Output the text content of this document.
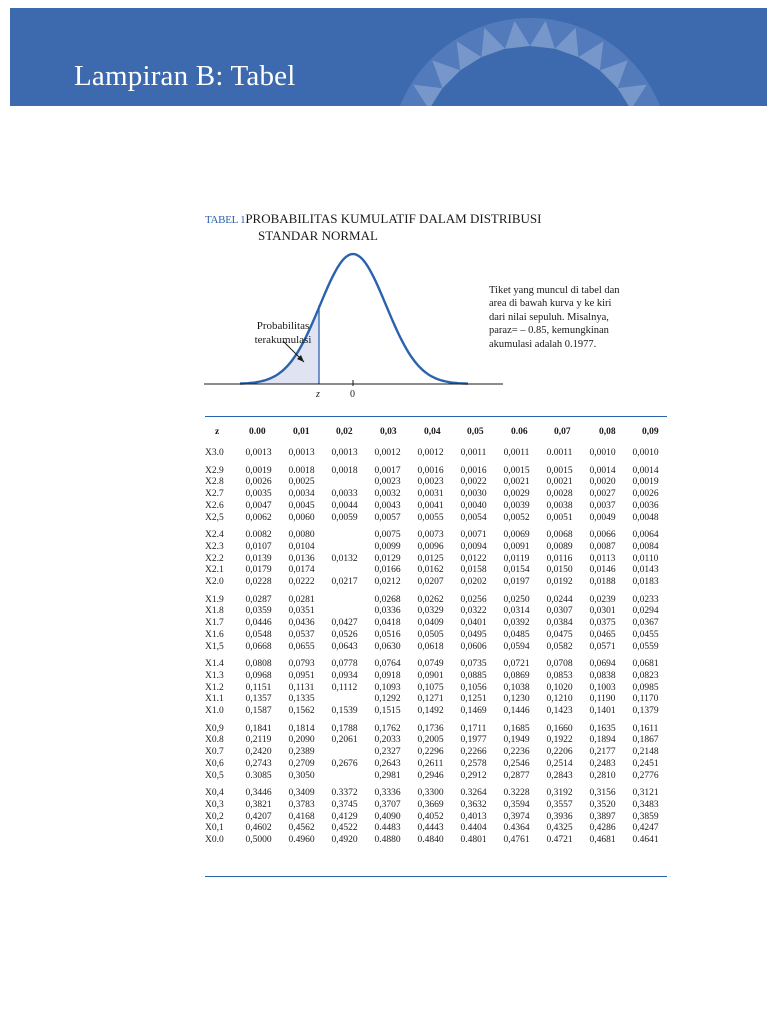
Lampiran B: Tabel
TABEL 1PROBABILITAS KUMULATIF DALAM DISTRIBUSI
STANDAR NORMAL
Probabilitas terakumulasi
z	0
Tiket yang muncul di tabel dan area di bawah kurva y ke kiri dari nilai sepuluh. Misalnya, paraz= – 0.85, kemungkinan akumulasi adalah 0.1977.
z	0.00	0,01	0,02	0,03	0,04	0,05	0.06	0,07	0,08	0,09
X3.0	0,0013	0,0013	0,0013	0,0012	0,0012	0,0011	0,0011	0.0011	0,0010	0,0010

X2.9	0,0019	0.0018	0,0018	0,0017	0,0016	0,0016	0,0015	0,0015	0,0014	0,0014
X2.8	0,0026	0,0025		0,0023	0,0023	0,0022	0,0021	0,0021	0,0020	0,0019
X2.7	0,0035	0,0034	0,0033	0,0032	0,0031	0,0030	0,0029	0,0028	0,0027	0,0026
X2.6	0,0047	0,0045	0,0044	0,0043	0,0041	0,0040	0,0039	0,0038	0,0037	0,0036
X2,5	0,0062	0,0060	0,0059	0,0057	0,0055	0,0054	0,0052	0,0051	0,0049	0,0048

X2.4	0.0082	0,0080		0,0075	0,0073	0,0071	0,0069	0,0068	0,0066	0,0064
X2.3	0,0107	0,0104		0,0099	0,0096	0,0094	0,0091	0,0089	0,0087	0,0084
X2.2	0,0139	0,0136	0,0132	0,0129	0,0125	0,0122	0,0119	0,0116	0,0113	0,0110
X2.1	0,0179	0,0174		0,0166	0,0162	0,0158	0,0154	0,0150	0,0146	0,0143
X2.0	0,0228	0,0222	0,0217	0,0212	0,0207	0,0202	0,0197	0,0192	0,0188	0,0183

X1.9	0,0287	0,0281		0,0268	0,0262	0,0256	0,0250	0,0244	0,0239	0,0233
X1.8	0,0359	0,0351		0,0336	0,0329	0,0322	0,0314	0,0307	0,0301	0,0294
X1.7	0,0446	0,0436	0,0427	0,0418	0,0409	0,0401	0,0392	0,0384	0,0375	0,0367
X1.6	0,0548	0,0537	0,0526	0,0516	0,0505	0,0495	0,0485	0,0475	0,0465	0,0455
X1,5	0,0668	0,0655	0,0643	0,0630	0,0618	0,0606	0,0594	0,0582	0,0571	0,0559

X1.4	0,0808	0,0793	0,0778	0,0764	0,0749	0,0735	0,0721	0,0708	0,0694	0,0681
X1.3	0,0968	0,0951	0,0934	0,0918	0,0901	0,0885	0,0869	0,0853	0,0838	0,0823
X1.2	0,1151	0,1131	0,1112	0,1093	0,1075	0,1056	0,1038	0,1020	0,1003	0,0985
X1.1	0,1357	0,1335		0,1292	0,1271	0,1251	0,1230	0,1210	0,1190	0,1170
X1.0	0,1587	0,1562	0,1539	0,1515	0,1492	0,1469	0,1446	0,1423	0,1401	0,1379

X0,9	0,1841	0,1814	0,1788	0,1762	0,1736	0,1711	0,1685	0,1660	0,1635	0,1611
X0.8	0,2119	0,2090	0,2061	0,2033	0,2005	0,1977	0,1949	0,1922	0,1894	0,1867
X0.7	0,2420	0,2389		0,2327	0,2296	0,2266	0,2236	0,2206	0,2177	0,2148
X0,6	0,2743	0,2709	0,2676	0,2643	0,2611	0,2578	0,2546	0,2514	0,2483	0,2451
X0,5	0.3085	0,3050		0,2981	0,2946	0,2912	0,2877	0,2843	0,2810	0,2776

X0,4	0,3446	0,3409	0.3372	0,3336	0,3300	0.3264	0.3228	0,3192	0,3156	0,3121
X0,3	0,3821	0,3783	0,3745	0,3707	0,3669	0,3632	0,3594	0,3557	0,3520	0,3483
X0,2	0,4207	0,4168	0,4129	0,4090	0,4052	0,4013	0,3974	0,3936	0,3897	0,3859
X0,1	0,4602	0,4562	0,4522	0.4483	0,4443	0.4404	0.4364	0,4325	0,4286	0,4247
X0.0	0,5000	0.4960	0,4920	0.4880	0.4840	0.4801	0,4761	0.4721	0,4681	0.4641
